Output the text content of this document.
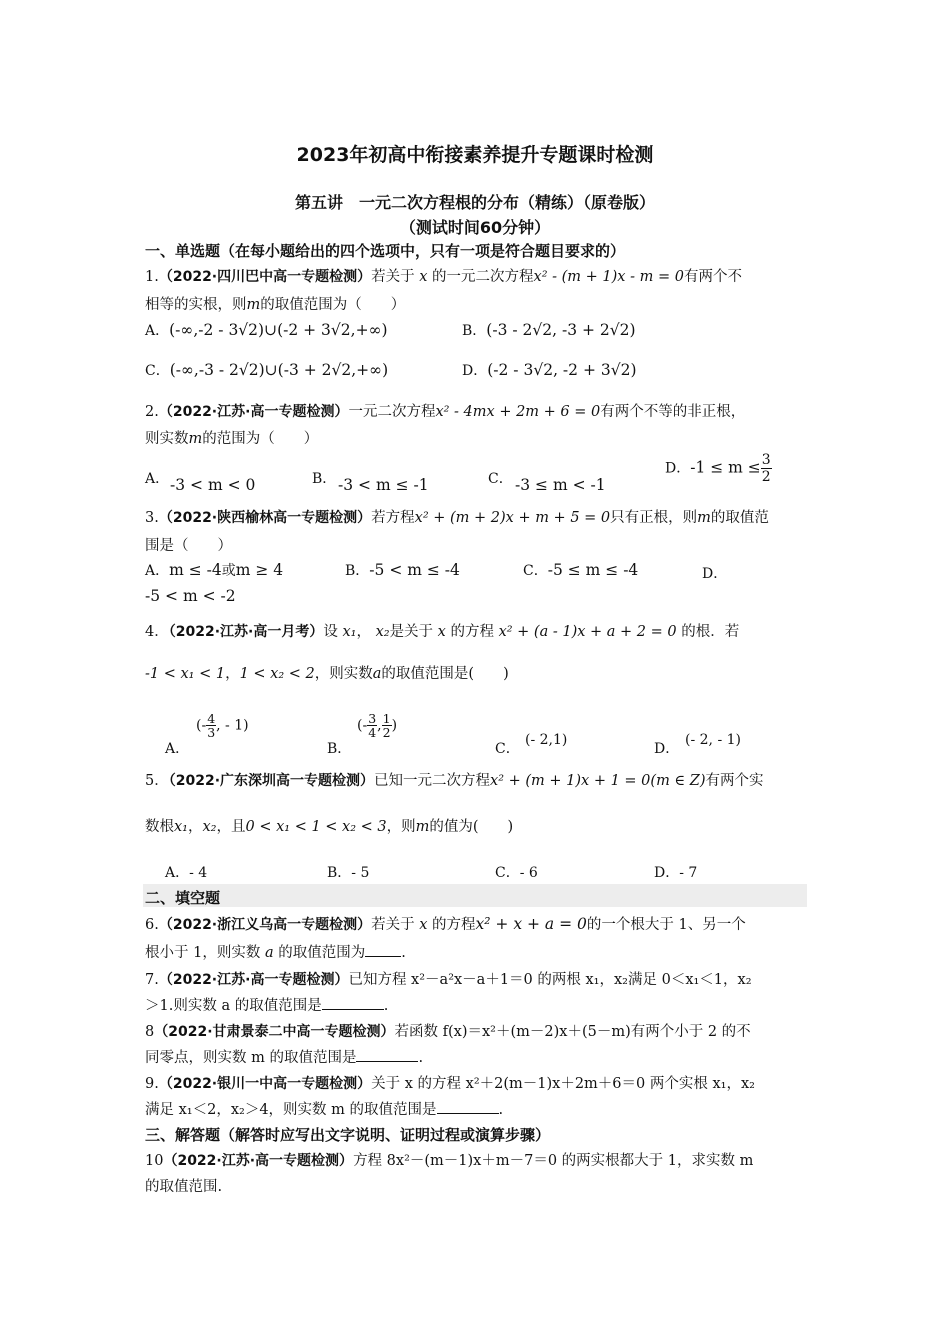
2023年初高中衔接素养提升专题课时检测
第五讲　一元二次方程根的分布（精练）（原卷版）
（测试时间60分钟）
一、单选题（在每小题给出的四个选项中，只有一项是符合题目要求的）
1.（2022·四川巴中高一专题检测）若关于 x 的一元二次方程x² - (m + 1)x - m = 0有两个不
相等的实根，则m的取值范围为（　　）
A．(-∞,-2 - 3√2)∪(-2 + 3√2,+∞)	B．(-3 - 2√2, -3 + 2√2)
C．(-∞,-3 - 2√2)∪(-3 + 2√2,+∞)	D．(-2 - 3√2, -2 + 3√2)
2.（2022·江苏·高一专题检测）一元二次方程x² - 4mx + 2m + 6 = 0有两个不等的非正根，
则实数m的范围为（　　）
A． -3 < m < 0	B． -3 < m ≤ -1	C． -3 ≤ m < -1
D．$-1 \le m \le \frac{3}{2}$
3.（2022·陕西榆林高一专题检测）若方程x² + (m + 2)x + m + 5 = 0只有正根，则m的取值范
围是（　　）
A．m ≤ -4或m ≥ 4	B．-5 < m ≤ -4	C．-5 ≤ m ≤ -4	D．
-5 < m < -2
4．（2022·江苏·高一月考）设 x₁， x₂是关于 x 的方程 x² + (a - 1)x + a + 2 = 0 的根．若
-1 < x₁ < 1，1 < x₂ < 2，则实数a的取值范围是(　　)
A．
(- $\frac{4}{3}$ , - 1)
B．
(- $\frac{3}{4}$ , $\frac{1}{2}$ )
C．
(- 2,1)
D．
(- 2, - 1)
5．（2022·广东深圳高一专题检测）已知一元二次方程x² + (m + 1)x + 1 = 0(m ∈ Z)有两个实
数根x₁，x₂，且0 < x₁ < 1 < x₂ < 3，则m的值为(　　)
A．- 4	B．- 5	C．- 6	D．- 7
二、填空题
6.（2022·浙江义乌高一专题检测）若关于 x 的方程x² + x + a = 0的一个根大于 1、另一个
根小于 1，则实数 a 的取值范围为 .
7.（2022·江苏·高一专题检测）已知方程 x²－a²x－a＋1＝0 的两根 x₁，x₂满足 0＜x₁＜1，x₂
＞1.则实数 a 的取值范围是	.
8（2022·甘肃景泰二中高一专题检测）若函数 f(x)＝x²＋(m－2)x＋(5－m)有两个小于 2 的不
同零点，则实数 m 的取值范围是	.
9.（2022·银川一中高一专题检测）关于 x 的方程 x²＋2(m－1)x＋2m＋6＝0 两个实根 x₁，x₂
满足 x₁＜2，x₂＞4，则实数 m 的取值范围是	.
三、解答题（解答时应写出文字说明、证明过程或演算步骤）
10（2022·江苏·高一专题检测）方程 8x²－(m－1)x＋m－7＝0 的两实根都大于 1，求实数 m
的取值范围.
